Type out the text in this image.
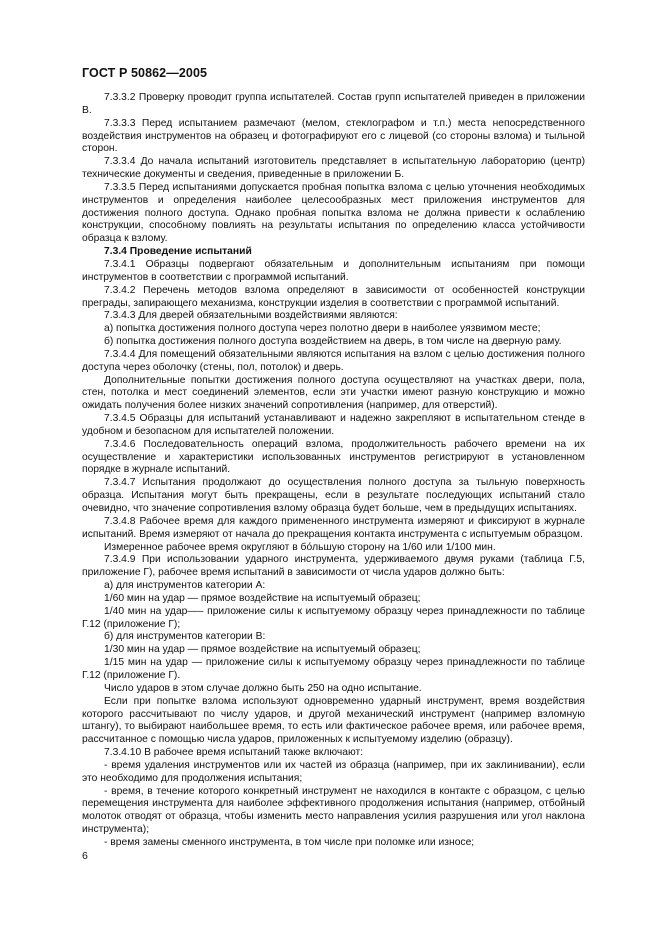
ГОСТ Р 50862—2005

7.3.3.2 Проверку проводит группа испытателей. Состав групп испытателей приведен в приложении В.

7.3.3.3 Перед испытанием размечают (мелом, стеклографом и т.п.) места непосредственного воздействия инструментов на образец и фотографируют его с лицевой (со стороны взлома) и тыльной сторон.

7.3.3.4 До начала испытаний изготовитель представляет в испытательную лабораторию (центр) технические документы и сведения, приведенные в приложении Б.

7.3.3.5 Перед испытаниями допускается пробная попытка взлома с целью уточнения необходимых инструментов и определения наиболее целесообразных мест приложения инструментов для достижения полного доступа. Однако пробная попытка взлома не должна привести к ослаблению конструкции, способному повлиять на результаты испытания по определению класса устойчивости образца к взлому.

7.3.4 Проведение испытаний

7.3.4.1 Образцы подвергают обязательным и дополнительным испытаниям при помощи инструментов в соответствии с программой испытаний.

7.3.4.2 Перечень методов взлома определяют в зависимости от особенностей конструкции преграды, запирающего механизма, конструкции изделия в соответствии с программой испытаний.

7.3.4.3 Для дверей обязательными воздействиями являются:

а) попытка достижения полного доступа через полотно двери в наиболее уязвимом месте;

б) попытка достижения полного доступа воздействием на дверь, в том числе на дверную раму.

7.3.4.4 Для помещений обязательными являются испытания на взлом с целью достижения полного доступа через оболочку (стены, пол, потолок) и дверь.

Дополнительные попытки достижения полного доступа осуществляют на участках двери, пола, стен, потолка и мест соединений элементов, если эти участки имеют разную конструкцию и можно ожидать получения более низких значений сопротивления (например, для отверстий).

7.3.4.5 Образцы для испытаний устанавливают и надежно закрепляют в испытательном стенде в удобном и безопасном для испытателей положении.

7.3.4.6 Последовательность операций взлома, продолжительность рабочего времени на их осуществление и характеристики использованных инструментов регистрируют в установленном порядке в журнале испытаний.

7.3.4.7 Испытания продолжают до осуществления полного доступа за тыльную поверхность образца. Испытания могут быть прекращены, если в результате последующих испытаний стало очевидно, что значение сопротивления взлому образца будет больше, чем в предыдущих испытаниях.

7.3.4.8 Рабочее время для каждого примененного инструмента измеряют и фиксируют в журнале испытаний. Время измеряют от начала до прекращения контакта инструмента с испытуемым образцом.

Измеренное рабочее время округляют в бо́льшую сторону на 1/60 или 1/100 мин.

7.3.4.9 При использовании ударного инструмента, удерживаемого двумя руками (таблица Г.5, приложение Г), рабочее время испытаний в зависимости от числа ударов должно быть:

а) для инструментов категории А:

1/60 мин на удар — прямое воздействие на испытуемый образец;

1/40 мин на удар—– приложение силы к испытуемому образцу через принадлежности по таблице Г.12 (приложение Г);

б) для инструментов категории В:

1/30 мин на удар — прямое воздействие на испытуемый образец;

1/15 мин на удар — приложение силы к испытуемому образцу через принадлежности по таблице Г.12 (приложение Г).

Число ударов в этом случае должно быть 250 на одно испытание.

Если при попытке взлома используют одновременно ударный инструмент, время воздействия которого рассчитывают по числу ударов, и другой механический инструмент (например взломную штангу), то выбирают наибольшее время, то есть или фактическое рабочее время, или рабочее время, рассчитанное с помощью числа ударов, приложенных к испытуемому изделию (образцу).

7.3.4.10 В рабочее время испытаний также включают:

- время удаления инструментов или их частей из образца (например, при их заклинивании), если это необходимо для продолжения испытания;

- время, в течение которого конкретный инструмент не находился в контакте с образцом, с целью перемещения инструмента для наиболее эффективного продолжения испытания (например, отбойный молоток отводят от образца, чтобы изменить место направления усилия разрушения или угол наклона инструмента);

- время замены сменного инструмента, в том числе при поломке или износе;

6
